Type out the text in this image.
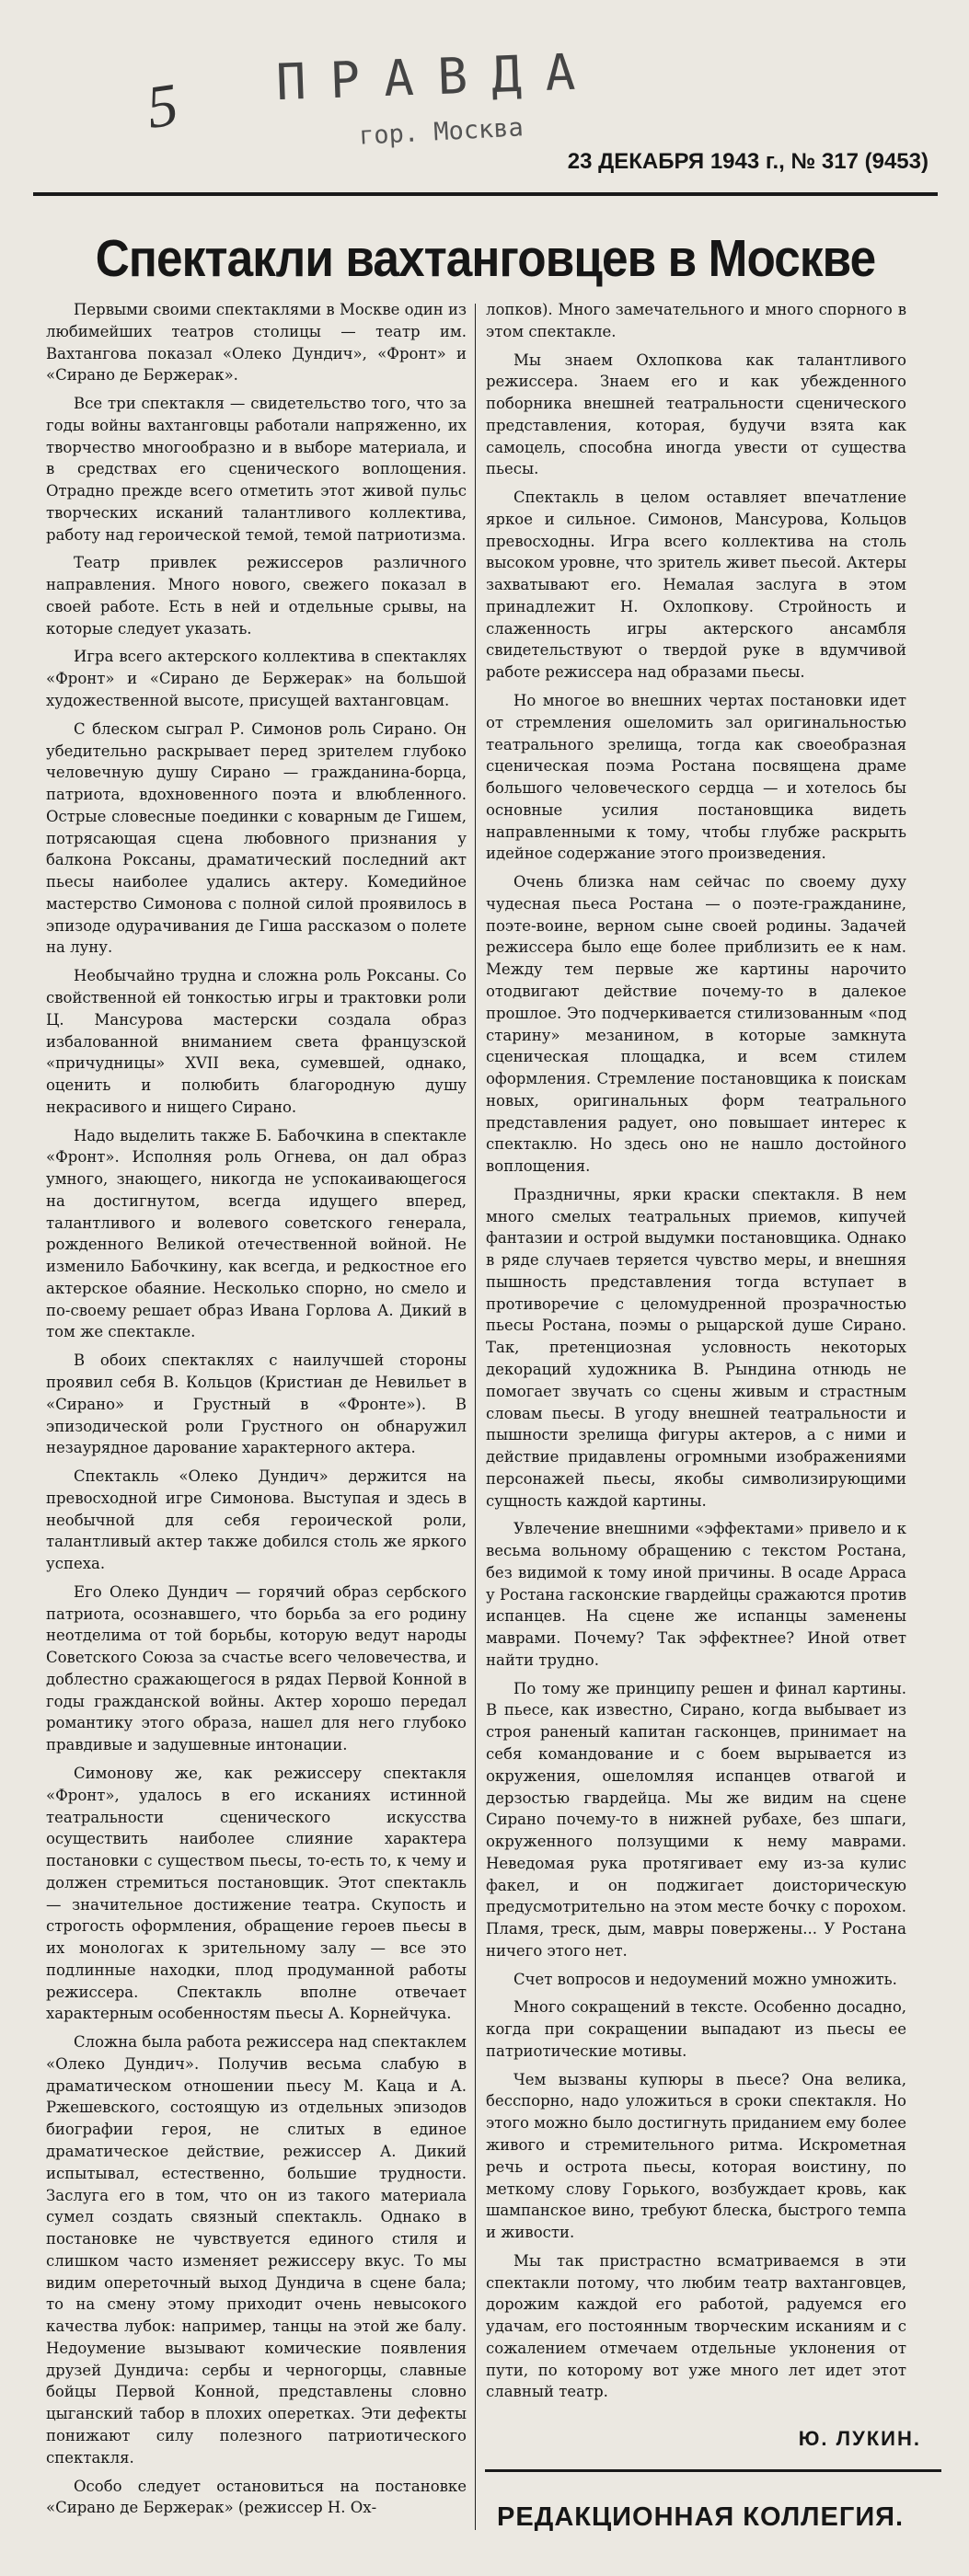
5 ПРАВДА
гор. Москва
23 ДЕКАБРЯ 1943 г., № 317 (9453)
Спектакли вахтанговцев в Москве

Первыми своими спектаклями в Москве один из любимейших театров столицы — театр им. Вахтангова показал «Олеко Дундич», «Фронт» и «Сирано де Бержерак».

Все три спектакля — свидетельство того, что за годы войны вахтанговцы работали напряженно, их творчество многообразно и в выборе материала, и в средствах его сценического воплощения. Отрадно прежде всего отметить этот живой пульс творческих исканий талантливого коллектива, работу над героической темой, темой патриотизма.

Театр привлек режиссеров различного направления. Много нового, свежего показал в своей работе. Есть в ней и отдельные срывы, на которые следует указать.

Игра всего актерского коллектива в спектаклях «Фронт» и «Сирано де Бержерак» на большой художественной высоте, присущей вахтанговцам.

С блеском сыграл Р. Симонов роль Сирано. Он убедительно раскрывает перед зрителем глубоко человечную душу Сирано — гражданина-борца, патриота, вдохновенного поэта и влюбленного. Острые словесные поединки с коварным де Гишем, потрясающая сцена любовного признания у балкона Роксаны, драматический последний акт пьесы наиболее удались актеру. Комедийное мастерство Симонова с полной силой проявилось в эпизоде одурачивания де Гиша рассказом о полете на луну.

Необычайно трудна и сложна роль Роксаны. Со свойственной ей тонкостью игры и трактовки роли Ц. Мансурова мастерски создала образ избалованной вниманием света французской «причудницы» XVII века, сумевшей, однако, оценить и полюбить благородную душу некрасивого и нищего Сирано.

Надо выделить также Б. Бабочкина в спектакле «Фронт». Исполняя роль Огнева, он дал образ умного, знающего, никогда не успокаивающегося на достигнутом, всегда идущего вперед, талантливого и волевого советского генерала, рожденного Великой отечественной войной. Не изменило Бабочкину, как всегда, и редкостное его актерское обаяние. Несколько спорно, но смело и по-своему решает образ Ивана Горлова А. Дикий в том же спектакле.

В обоих спектаклях с наилучшей стороны проявил себя В. Кольцов (Кристиан де Невильет в «Сирано» и Грустный в «Фронте»). В эпизодической роли Грустного он обнаружил незаурядное дарование характерного актера.

Спектакль «Олеко Дундич» держится на превосходной игре Симонова. Выступая и здесь в необычной для себя героической роли, талантливый актер также добился столь же яркого успеха.

Его Олеко Дундич — горячий образ сербского патриота, осознавшего, что борьба за его родину неотделима от той борьбы, которую ведут народы Советского Союза за счастье всего человечества, и доблестно сражающегося в рядах Первой Конной в годы гражданской войны. Актер хорошо передал романтику этого образа, нашел для него глубоко правдивые и задушевные интонации.

Симонову же, как режиссеру спектакля «Фронт», удалось в его исканиях истинной театральности сценического искусства осуществить наиболее слияние характера постановки с существом пьесы, то-есть то, к чему и должен стремиться постановщик. Этот спектакль — значительное достижение театра. Скупость и строгость оформления, обращение героев пьесы в их монологах к зрительному залу — все это подлинные находки, плод продуманной работы режиссера. Спектакль вполне отвечает характерным особенностям пьесы А. Корнейчука.

Сложна была работа режиссера над спектаклем «Олеко Дундич». Получив весьма слабую в драматическом отношении пьесу М. Каца и А. Ржешевского, состоящую из отдельных эпизодов биографии героя, не слитых в единое драматическое действие, режиссер А. Дикий испытывал, естественно, большие трудности. Заслуга его в том, что он из такого материала сумел создать связный спектакль. Однако в постановке не чувствуется единого стиля и слишком часто изменяет режиссеру вкус. То мы видим опереточный выход Дундича в сцене бала; то на смену этому приходит очень невысокого качества лубок: например, танцы на этой же балу. Недоумение вызывают комические появления друзей Дундича: сербы и черногорцы, славные бойцы Первой Конной, представлены словно цыганский табор в плохих оперетках. Эти дефекты понижают силу полезного патриотического спектакля.

Особо следует остановиться на постановке «Сирано де Бержерак» (режиссер Н. Ох-

лопков). Много замечательного и много спорного в этом спектакле.

Мы знаем Охлопкова как талантливого режиссера. Знаем его и как убежденного поборника внешней театральности сценического представления, которая, будучи взята как самоцель, способна иногда увести от существа пьесы.

Спектакль в целом оставляет впечатление яркое и сильное. Симонов, Мансурова, Кольцов превосходны. Игра всего коллектива на столь высоком уровне, что зритель живет пьесой. Актеры захватывают его. Немалая заслуга в этом принадлежит Н. Охлопкову. Стройность и слаженность игры актерского ансамбля свидетельствуют о твердой руке в вдумчивой работе режиссера над образами пьесы.

Но многое во внешних чертах постановки идет от стремления ошеломить зал оригинальностью театрального зрелища, тогда как своеобразная сценическая поэма Ростана посвящена драме большого человеческого сердца — и хотелось бы основные усилия постановщика видеть направленными к тому, чтобы глубже раскрыть идейное содержание этого произведения.

Очень близка нам сейчас по своему духу чудесная пьеса Ростана — о поэте-гражданине, поэте-воине, верном сыне своей родины. Задачей режиссера было еще более приблизить ее к нам. Между тем первые же картины нарочито отодвигают действие почему-то в далекое прошлое. Это подчеркивается стилизованным «под старину» мезанином, в которые замкнута сценическая площадка, и всем стилем оформления. Стремление постановщика к поискам новых, оригинальных форм театрального представления радует, оно повышает интерес к спектаклю. Но здесь оно не нашло достойного воплощения.

Праздничны, ярки краски спектакля. В нем много смелых театральных приемов, кипучей фантазии и острой выдумки постановщика. Однако в ряде случаев теряется чувство меры, и внешняя пышность представления тогда вступает в противоречие с целомудренной прозрачностью пьесы Ростана, поэмы о рыцарской душе Сирано. Так, претенциозная условность некоторых декораций художника В. Рындина отнюдь не помогает звучать со сцены живым и страстным словам пьесы. В угоду внешней театральности и пышности зрелища фигуры актеров, а с ними и действие придавлены огромными изображениями персонажей пьесы, якобы символизирующими сущность каждой картины.

Увлечение внешними «эффектами» привело и к весьма вольному обращению с текстом Ростана, без видимой к тому иной причины. В осаде Арраса у Ростана гасконские гвардейцы сражаются против испанцев. На сцене же испанцы заменены маврами. Почему? Так эффектнее? Иной ответ найти трудно.

По тому же принципу решен и финал картины. В пьесе, как известно, Сирано, когда выбывает из строя раненый капитан гасконцев, принимает на себя командование и с боем вырывается из окружения, ошеломляя испанцев отвагой и дерзостью гвардейца. Мы же видим на сцене Сирано почему-то в нижней рубахе, без шпаги, окруженного ползущими к нему маврами. Неведомая рука протягивает ему из-за кулис факел, и он поджигает доисторическую предусмотрительно на этом месте бочку с порохом. Пламя, треск, дым, мавры повержены... У Ростана ничего этого нет.

Счет вопросов и недоумений можно умножить.

Много сокращений в тексте. Особенно досадно, когда при сокращении выпадают из пьесы ее патриотические мотивы.

Чем вызваны купюры в пьесе? Она велика, бесспорно, надо уложиться в сроки спектакля. Но этого можно было достигнуть приданием ему более живого и стремительного ритма. Искрометная речь и острота пьесы, которая воистину, по меткому слову Горького, возбуждает кровь, как шампанское вино, требуют блеска, быстрого темпа и живости.

Мы так пристрастно всматриваемся в эти спектакли потому, что любим театр вахтанговцев, дорожим каждой его работой, радуемся его удачам, его постоянным творческим исканиям и с сожалением отмечаем отдельные уклонения от пути, по которому вот уже много лет идет этот славный театр.

Ю. ЛУКИН.
РЕДАКЦИОННАЯ КОЛЛЕГИЯ.
